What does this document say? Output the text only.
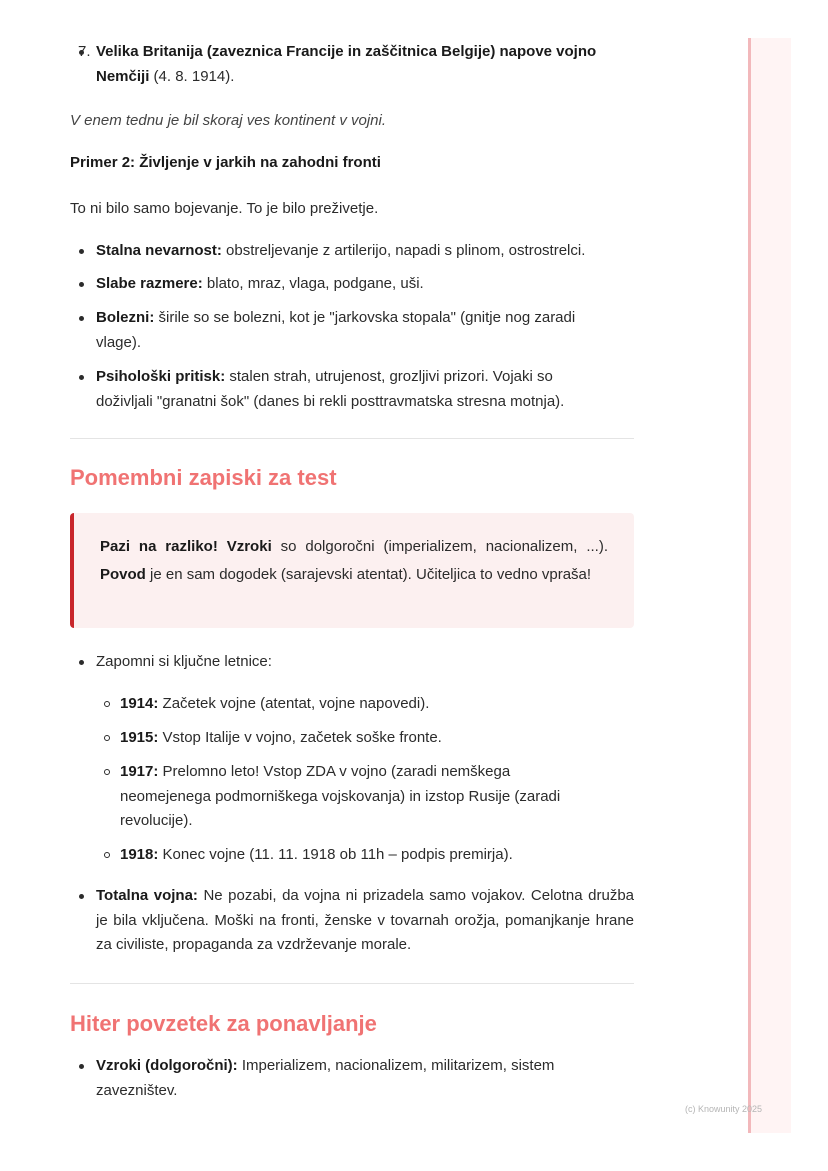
7. Velika Britanija (zaveznica Francije in zaščitnica Belgije) napove vojno Nemčiji (4. 8. 1914).
V enem tednu je bil skoraj ves kontinent v vojni.
Primer 2: Življenje v jarkih na zahodni fronti
To ni bilo samo bojevanje. To je bilo preživetje.
Stalna nevarnost: obstreljevanje z artilerijo, napadi s plinom, ostrostrelci.
Slabe razmere: blato, mraz, vlaga, podgane, uši.
Bolezni: širile so se bolezni, kot je "jarkovska stopala" (gnitje nog zaradi vlage).
Psihološki pritisk: stalen strah, utrujenost, grozljivi prizori. Vojaki so doživljali "granatni šok" (danes bi rekli posttravmatska stresna motnja).
Pomembni zapiski za test
Pazi na razliko! Vzroki so dolgoročni (imperializem, nacionalizem, ...). Povod je en sam dogodek (sarajevski atentat). Učiteljica to vedno vpraša!
Zapomni si ključne letnice:
1914: Začetek vojne (atentat, vojne napovedi).
1915: Vstop Italije v vojno, začetek soške fronte.
1917: Prelomno leto! Vstop ZDA v vojno (zaradi nemškega neomejenega podmorniškega vojskovanja) in izstop Rusije (zaradi revolucije).
1918: Konec vojne (11. 11. 1918 ob 11h – podpis premirja).
Totalna vojna: Ne pozabi, da vojna ni prizadela samo vojakov. Celotna družba je bila vključena. Moški na fronti, ženske v tovarnah orožja, pomanjkanje hrane za civiliste, propaganda za vzdrževanje morale.
Hiter povzetek za ponavljanje
Vzroki (dolgoročni): Imperializem, nacionalizem, militarizem, sistem zavezništev.
(c) Knowunity 2025
